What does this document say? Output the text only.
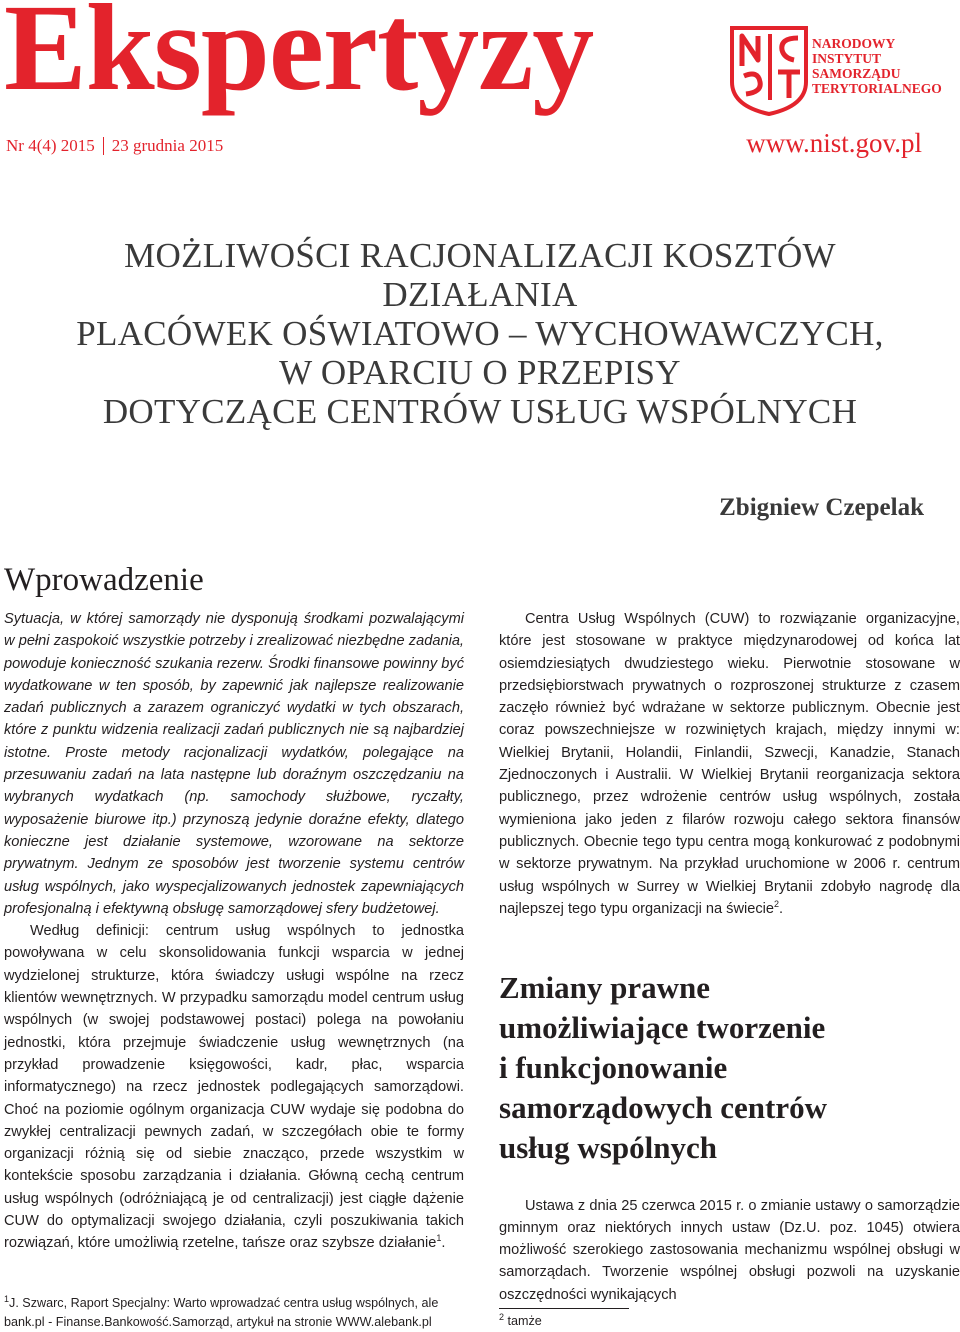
Ekspertyzy
Nr 4(4) 2015 23 grudnia 2015
NARODOWY
INSTYTUT
SAMORZĄDU
TERYTORIALNEGO
www.nist.gov.pl
MOŻLIWOŚCI RACJONALIZACJI KOSZTÓW
DZIAŁANIA
PLACÓWEK OŚWIATOWO – WYCHOWAWCZYCH,
W OPARCIU O PRZEPISY
DOTYCZĄCE CENTRÓW USŁUG WSPÓLNYCH
Zbigniew Czepelak
Wprowadzenie

Sytuacja, w której samorządy nie dysponują środkami pozwalającymi w pełni zaspokoić wszystkie potrzeby i zrealizować niezbędne zadania, powoduje konieczność szukania rezerw. Środki finansowe powinny być wydatkowane w ten sposób, by zapewnić jak najlepsze realizowanie zadań publicznych a zarazem ograniczyć wydatki w tych obszarach, które z punktu widzenia realizacji zadań publicznych nie są najbardziej istotne. Proste metody racjonalizacji wydatków, polegające na przesuwaniu zadań na lata następne lub doraźnym oszczędzaniu na wybranych wydatkach (np. samochody służbowe, ryczałty, wyposażenie biurowe itp.) przynoszą jedynie doraźne efekty, dlatego konieczne jest działanie systemowe, wzorowane na sektorze prywatnym. Jednym ze sposobów jest tworzenie systemu centrów usług wspólnych, jako wyspecjalizowanych jednostek zapewniających profesjonalną i efektywną obsługę samorządowej sfery budżetowej.

Według definicji: centrum usług wspólnych to jednostka powoływana w celu skonsolidowania funkcji wsparcia w jednej wydzielonej strukturze, która świadczy usługi wspólne na rzecz klientów wewnętrznych. W przypadku samorządu model centrum usług wspólnych (w swojej podstawowej postaci) polega na powołaniu jednostki, która przejmuje świadczenie usług wewnętrznych (na przykład prowadzenie księgowości, kadr, płac, wsparcia informatycznego) na rzecz jednostek podlegających samorządowi. Choć na poziomie ogólnym organizacja CUW wydaje się podobna do zwykłej centralizacji pewnych zadań, w szczegółach obie te formy organizacji różnią się od siebie znacząco, przede wszystkim w kontekście sposobu zarządzania i działania. Główną cechą centrum usług wspólnych (odróżniającą je od centralizacji) jest ciągłe dążenie CUW do optymalizacji swojego działania, czyli poszukiwania takich rozwiązań, które umożliwią rzetelne, tańsze oraz szybsze działanie$^1$.

Centra Usług Wspólnych (CUW) to rozwiązanie organizacyjne, które jest stosowane w praktyce międzynarodowej od końca lat osiemdziesiątych dwudziestego wieku. Pierwotnie stosowane w przedsiębiorstwach prywatnych o rozproszonej strukturze z czasem zaczęło również być wdrażane w sektorze publicznym. Obecnie jest coraz powszechniejsze w rozwiniętych krajach, między innymi w: Wielkiej Brytanii, Holandii, Finlandii, Szwecji, Kanadzie, Stanach Zjednoczonych i Australii. W Wielkiej Brytanii reorganizacja sektora publicznego, przez wdrożenie centrów usług wspólnych, została wymieniona jako jeden z filarów rozwoju całego sektora finansów publicznych. Obecnie tego typu centra mogą konkurować z podobnymi w sektorze prywatnym. Na przykład uruchomione w 2006 r. centrum usług wspólnych w Surrey w Wielkiej Brytanii zdobyło nagrodę dla najlepszej tego typu organizacji na świecie$^2$.

Zmiany prawne
umożliwiające tworzenie
i funkcjonowanie
samorządowych centrów
usług wspólnych

Ustawa z dnia 25 czerwca 2015 r. o zmianie ustawy o samorządzie gminnym oraz niektórych innych ustaw (Dz.U. poz. 1045) otwiera możliwość szerokiego zastosowania mechanizmu wspólnej obsługi w samorządach. Tworzenie wspólnej obsługi pozwoli na uzyskanie oszczędności wynikających

$^1$J. Szwarc, Raport Specjalny: Warto wprowadzać centra usług wspólnych, ale bank.pl - Finanse.Bankowość.Samorząd, artykuł na stronie WWW.alebank.pl	$^2$ tamże
